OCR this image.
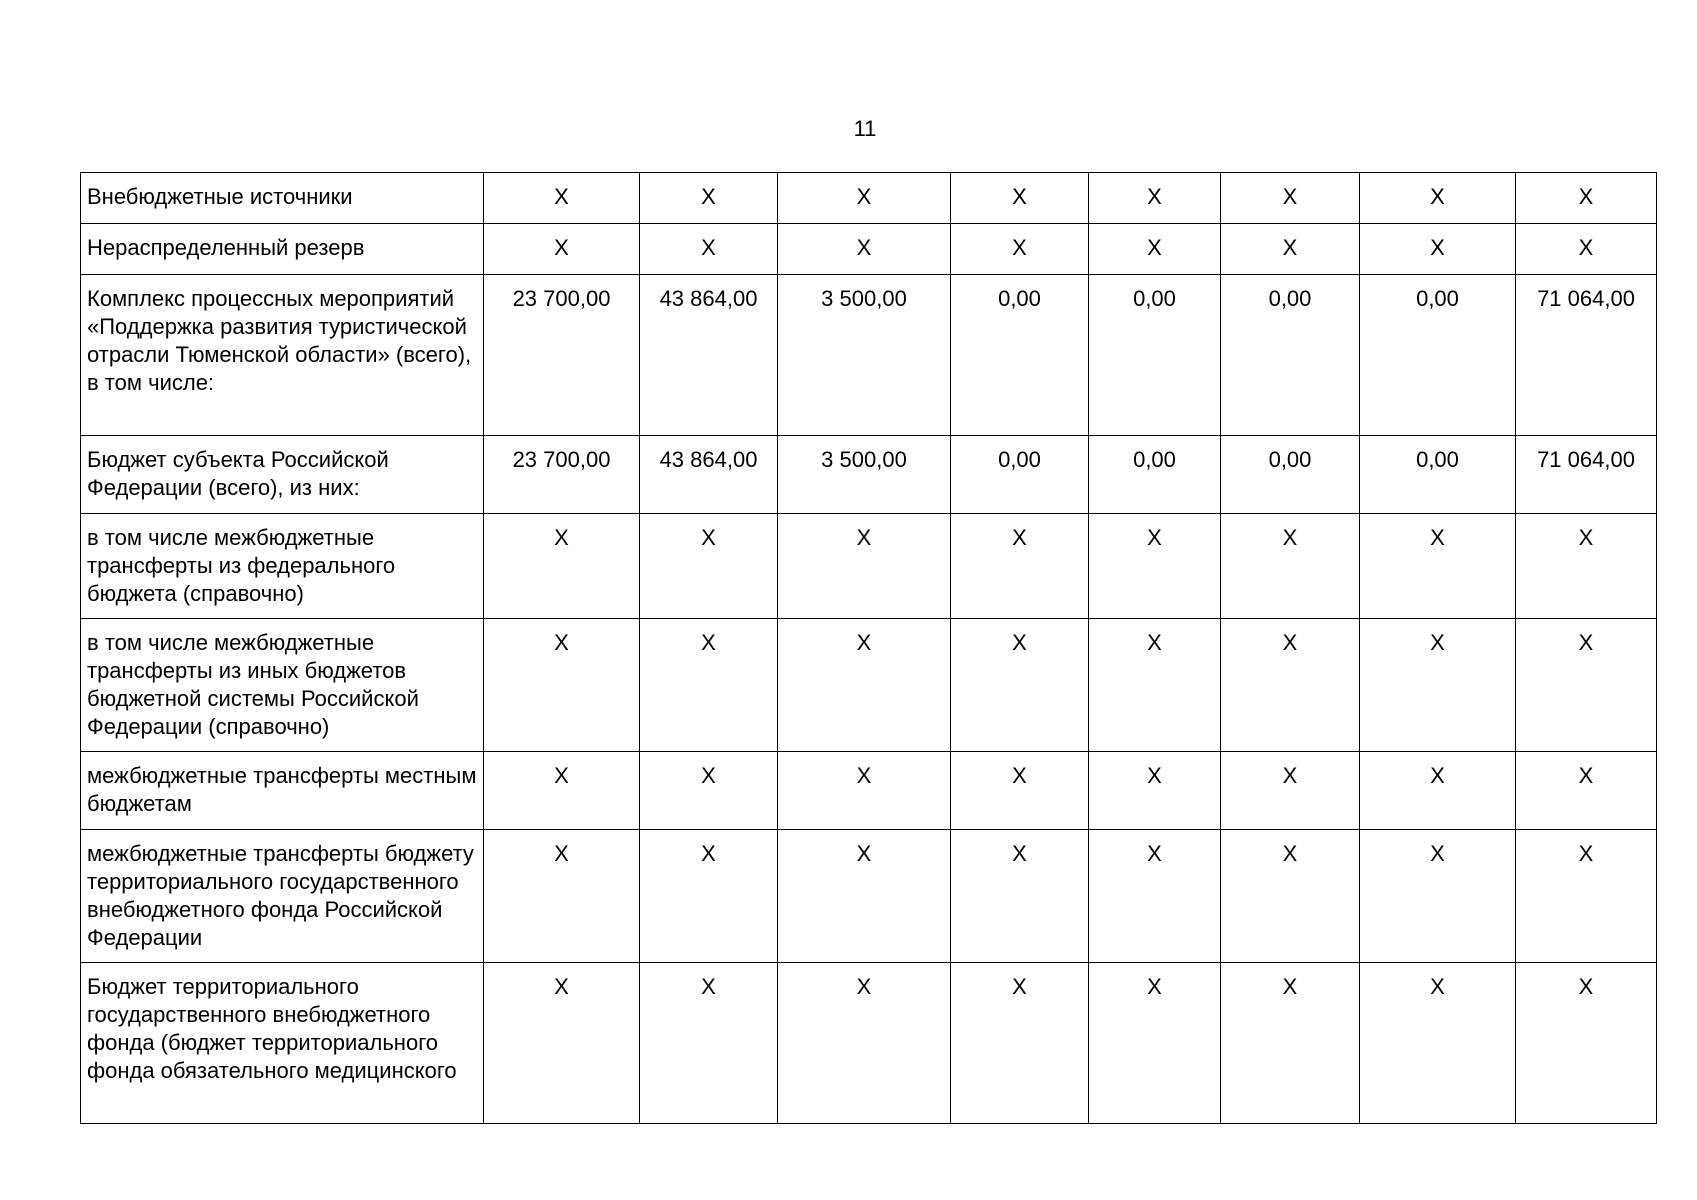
11
Внебюджетные источники	X	X	X	X	X	X	X	X
Нераспределенный резерв	X	X	X	X	X	X	X	X
Комплекс процессных мероприятий «Поддержка развития туристической отрасли Тюменской области» (всего), в том числе:	23 700,00	43 864,00	3 500,00	0,00	0,00	0,00	0,00	71 064,00
Бюджет субъекта Российской Федерации (всего), из них:	23 700,00	43 864,00	3 500,00	0,00	0,00	0,00	0,00	71 064,00
в том числе межбюджетные трансферты из федерального бюджета (справочно)	X	X	X	X	X	X	X	X
в том числе межбюджетные трансферты из иных бюджетов бюджетной системы Российской Федерации (справочно)	X	X	X	X	X	X	X	X
межбюджетные трансферты местным бюджетам	X	X	X	X	X	X	X	X
межбюджетные трансферты бюджету территориального государственного внебюджетного фонда Российской Федерации	X	X	X	X	X	X	X	X
Бюджет территориального государственного внебюджетного фонда (бюджет территориального фонда обязательного медицинского	X	X	X	X	X	X	X	X
